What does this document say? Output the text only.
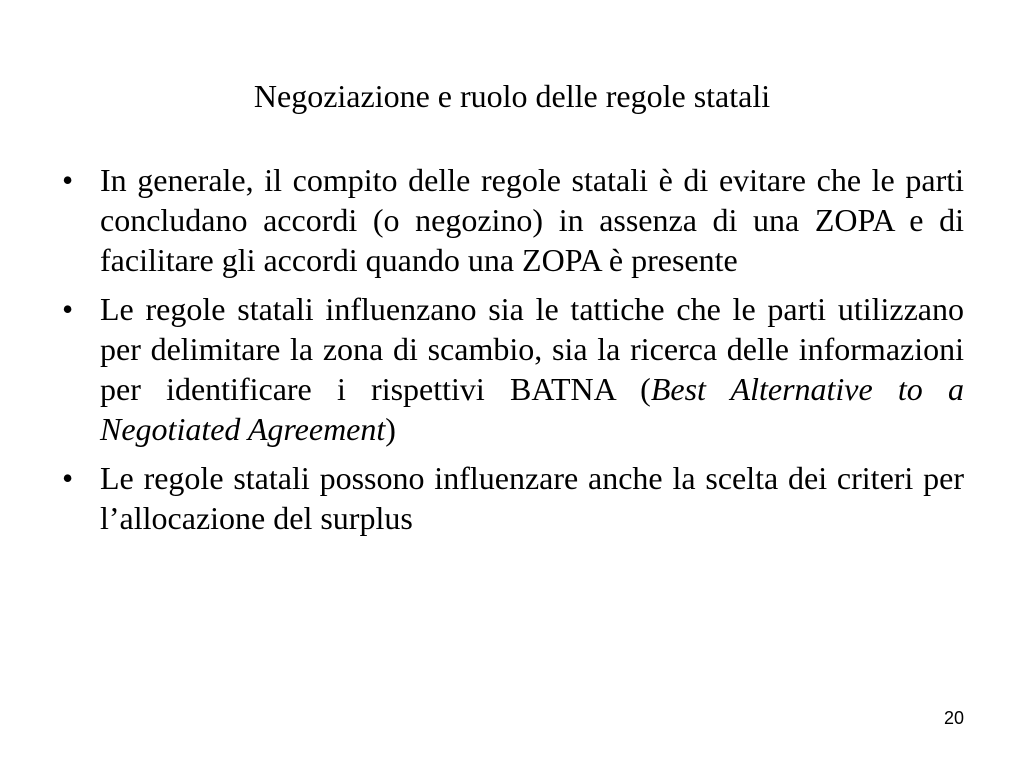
Negoziazione e ruolo delle regole statali
• In generale, il compito delle regole statali è di evitare che le parti concludano accordi (o negozino) in assenza di una ZOPA e di facilitare gli accordi quando una ZOPA è presente
• Le regole statali influenzano sia le tattiche che le parti utilizzano per delimitare la zona di scambio, sia la ricerca delle informazioni per identificare i rispettivi BATNA (Best Alternative to a Negotiated Agreement)
• Le regole statali possono influenzare anche la scelta dei criteri per l’allocazione del surplus
20
